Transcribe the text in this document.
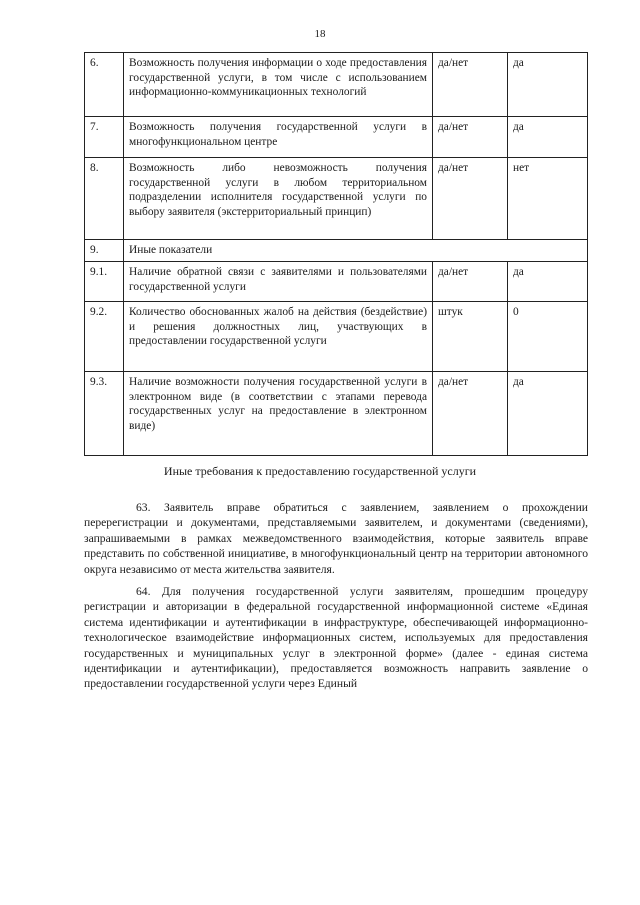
18
6.	Возможность получения информации о ходе предоставления государственной услуги, в том числе с использованием информационно-коммуникационных технологий	да/нет	да
7.	Возможность получения государственной услуги в многофункциональном центре	да/нет	да
8.	Возможность либо невозможность получения государственной услуги в любом территориальном подразделении исполнителя государственной услуги по выбору заявителя (экстерриториальный принцип)	да/нет	нет
9.	Иные показатели		
9.1.	Наличие обратной связи с заявителями и пользователями государственной услуги	да/нет	да
9.2.	Количество обоснованных жалоб на действия (бездействие) и решения должностных лиц, участвующих в предоставлении государственной услуги	штук	0
9.3.	Наличие возможности получения государственной услуги в электронном виде (в соответствии с этапами перевода государственных услуг на предоставление в электронном виде)	да/нет	да
Иные требования к предоставлению государственной услуги
63. Заявитель вправе обратиться с заявлением, заявлением о прохождении перерегистрации и документами, представляемыми заявителем, и документами (сведениями), запрашиваемыми в рамках межведомственного взаимодействия, которые заявитель вправе представить по собственной инициативе, в многофункциональный центр на территории автономного округа независимо от места жительства заявителя.
64. Для получения государственной услуги заявителям, прошедшим процедуру регистрации и авторизации в федеральной государственной информационной системе «Единая система идентификации и аутентификации в инфраструктуре, обеспечивающей информационно-технологическое взаимодействие информационных систем, используемых для предоставления государственных и муниципальных услуг в электронной форме» (далее - единая система идентификации и аутентификации), предоставляется возможность направить заявление о предоставлении государственной услуги через Единый
